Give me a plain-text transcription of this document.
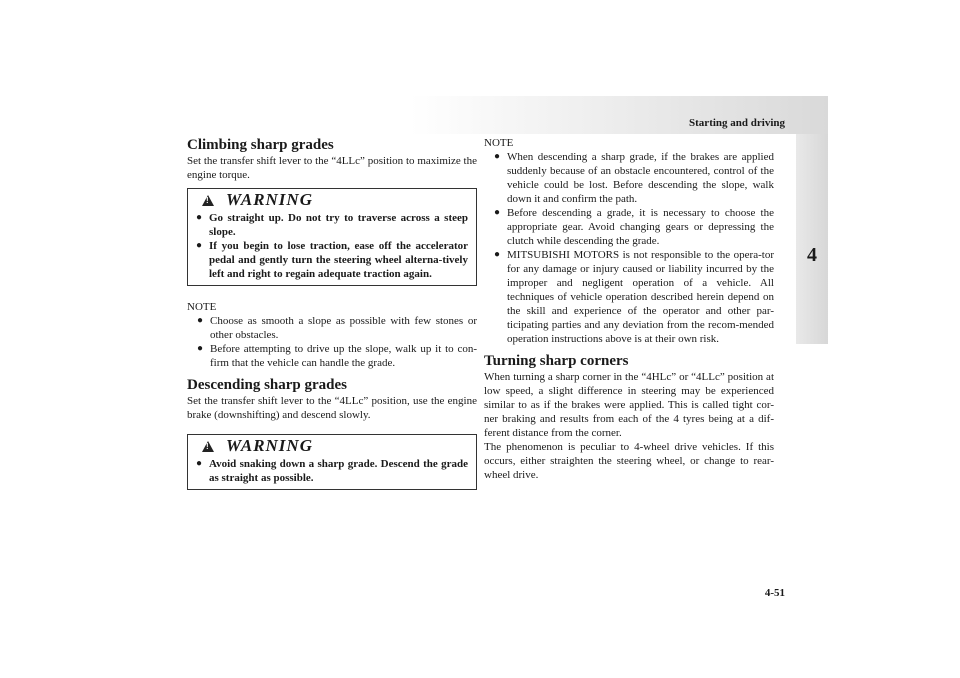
Starting and driving
4
4-51
Climbing sharp grades

Set the transfer shift lever to the “4LLc” position to maximize the engine torque.

!
WARNING
● Go straight up. Do not try to traverse across a steep slope.
● If you begin to lose traction, ease off the accelerator pedal and gently turn the steering wheel alterna-tively left and right to regain adequate traction again.
NOTE
● Choose as smooth a slope as possible with few stones or other obstacles.
● Before attempting to drive up the slope, walk up it to con-firm that the vehicle can handle the grade.
Descending sharp grades

Set the transfer shift lever to the “4LLc” position, use the engine brake (downshifting) and descend slowly.

!
WARNING
● Avoid snaking down a sharp grade. Descend the grade as straight as possible.
NOTE
● When descending a sharp grade, if the brakes are applied suddenly because of an obstacle encountered, control of the vehicle could be lost. Before descending the slope, walk down it and confirm the path.
● Before descending a grade, it is necessary to choose the appropriate gear. Avoid changing gears or depressing the clutch while descending the grade.
● MITSUBISHI MOTORS is not responsible to the opera-tor for any damage or injury caused or liability incurred by the improper and negligent operation of a vehicle. All techniques of vehicle operation described herein depend on the skill and experience of the operator and other par-ticipating parties and any deviation from the recom-mended operation instructions above is at their own risk.
Turning sharp corners

When turning a sharp corner in the “4HLc” or “4LLc” position at low speed, a slight difference in steering may be experienced similar to as if the brakes were applied. This is called tight cor-ner braking and results from each of the 4 tyres being at a dif-ferent distance from the corner.

The phenomenon is peculiar to 4-wheel drive vehicles. If this occurs, either straighten the steering wheel, or change to rear-wheel drive.
